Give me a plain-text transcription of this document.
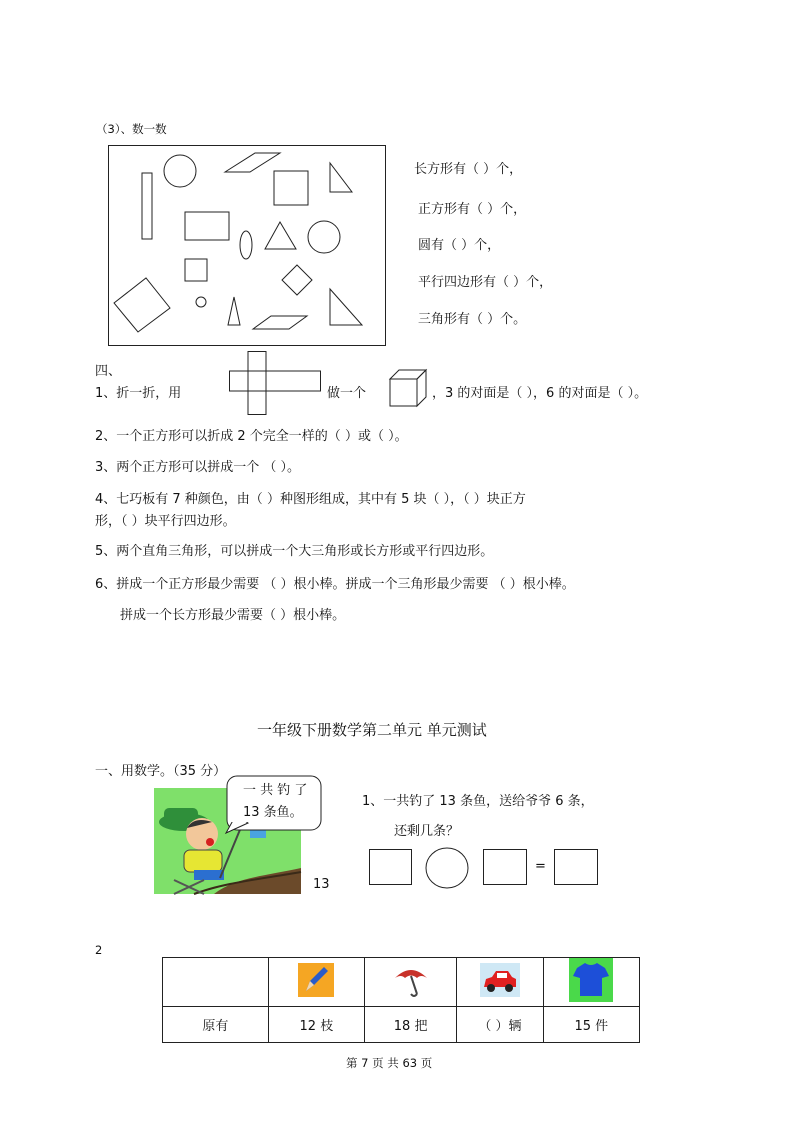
（3）、数一数
长方形有（ ）个，
正方形有（ ）个，
圆有（ ）个，
平行四边形有（ ）个，
三角形有（ ）个。
四、
1、折一折，用	做一个	，3 的对面是（ ），6 的对面是（ ）。
2、一个正方形可以折成 2 个完全一样的（ ）或（ ）。
3、两个正方形可以拼成一个 （ ）。
4、七巧板有 7 种颜色，由（ ）种图形组成，其中有 5 块（ ），（ ）块正方
形，（ ）块平行四边形。
5、两个直角三角形，可以拼成一个大三角形或长方形或平行四边形。
6、拼成一个正方形最少需要 （ ）根小棒。拼成一个三角形最少需要 （ ）根小棒。
拼成一个长方形最少需要（ ）根小棒。
一年级下册数学第二单元 单元测试
一、用数学。（35 分）
一 共 钓 了
13 条鱼。
13
1、一共钓了 13 条鱼，送给爷爷 6 条，
还剩几条？
=
2

原有	12 枝	18 把	（ ）辆	15 件
第 7 页 共 63 页
